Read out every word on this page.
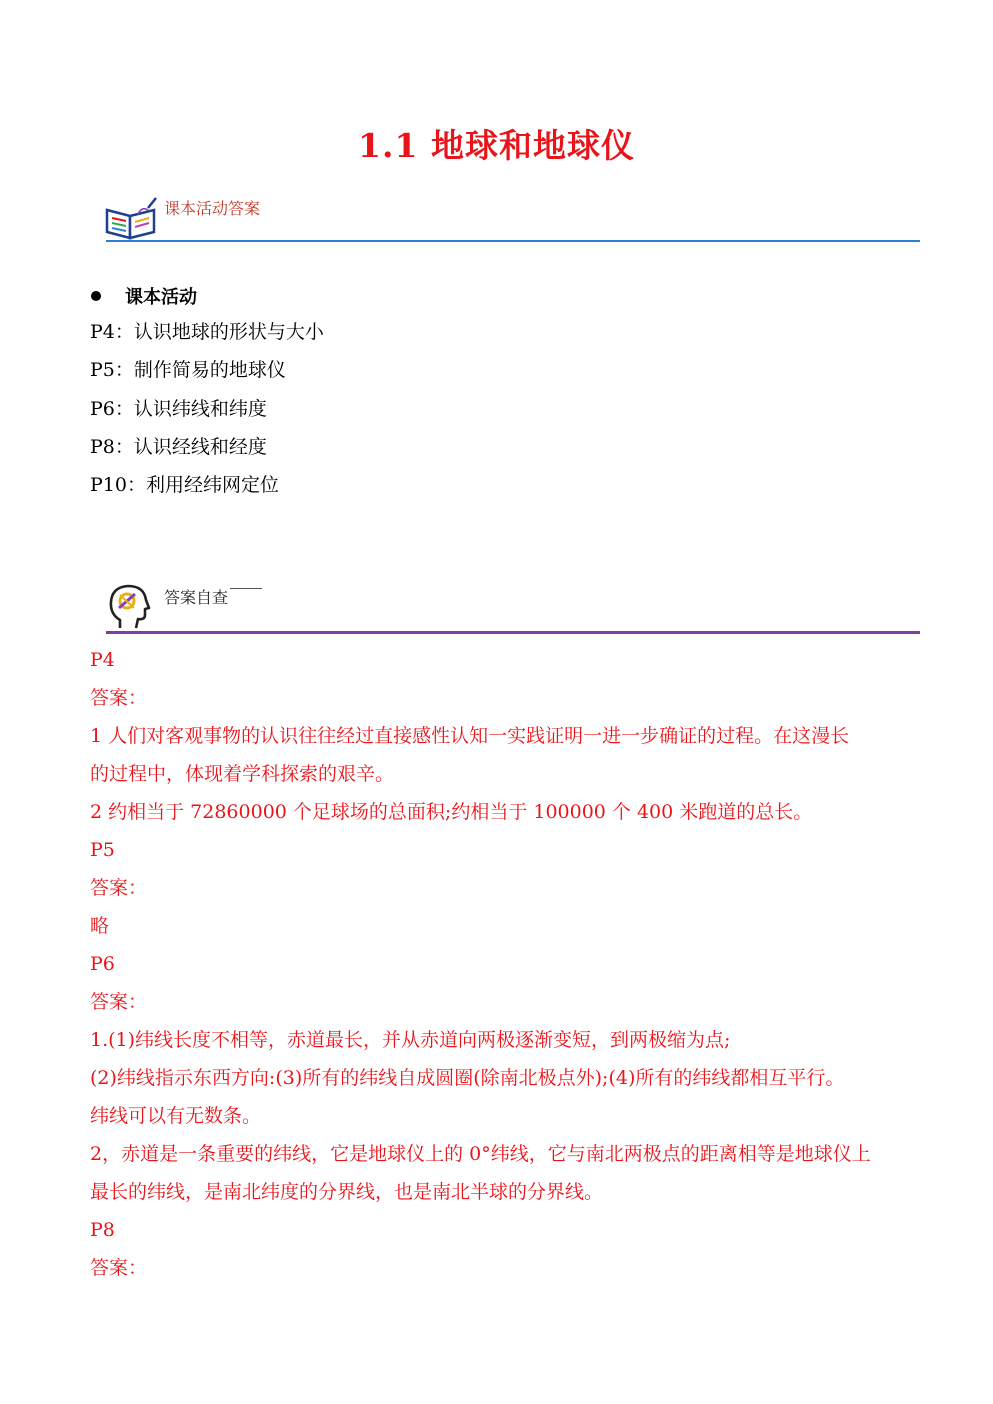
1.1 地球和地球仪
课本活动答案
课本活动
P4：认识地球的形状与大小
P5：制作简易的地球仪
P6：认识纬线和纬度
P8：认识经线和经度
P10：利用经纬网定位
答案自查
P4
答案：
1 人们对客观事物的认识往往经过直接感性认知一实践证明一进一步确证的过程。在这漫长
的过程中，体现着学科探索的艰辛。
2 约相当于 72860000 个足球场的总面积;约相当于 100000 个 400 米跑道的总长。
P5
答案：
略
P6
答案：
1.(1)纬线长度不相等，赤道最长，并从赤道向两极逐渐变短，到两极缩为点;
(2)纬线指示东西方向:(3)所有的纬线自成圆圈(除南北极点外);(4)所有的纬线都相互平行。
纬线可以有无数条。
2，赤道是一条重要的纬线，它是地球仪上的 0°纬线，它与南北两极点的距离相等是地球仪上
最长的纬线，是南北纬度的分界线，也是南北半球的分界线。
P8
答案：
